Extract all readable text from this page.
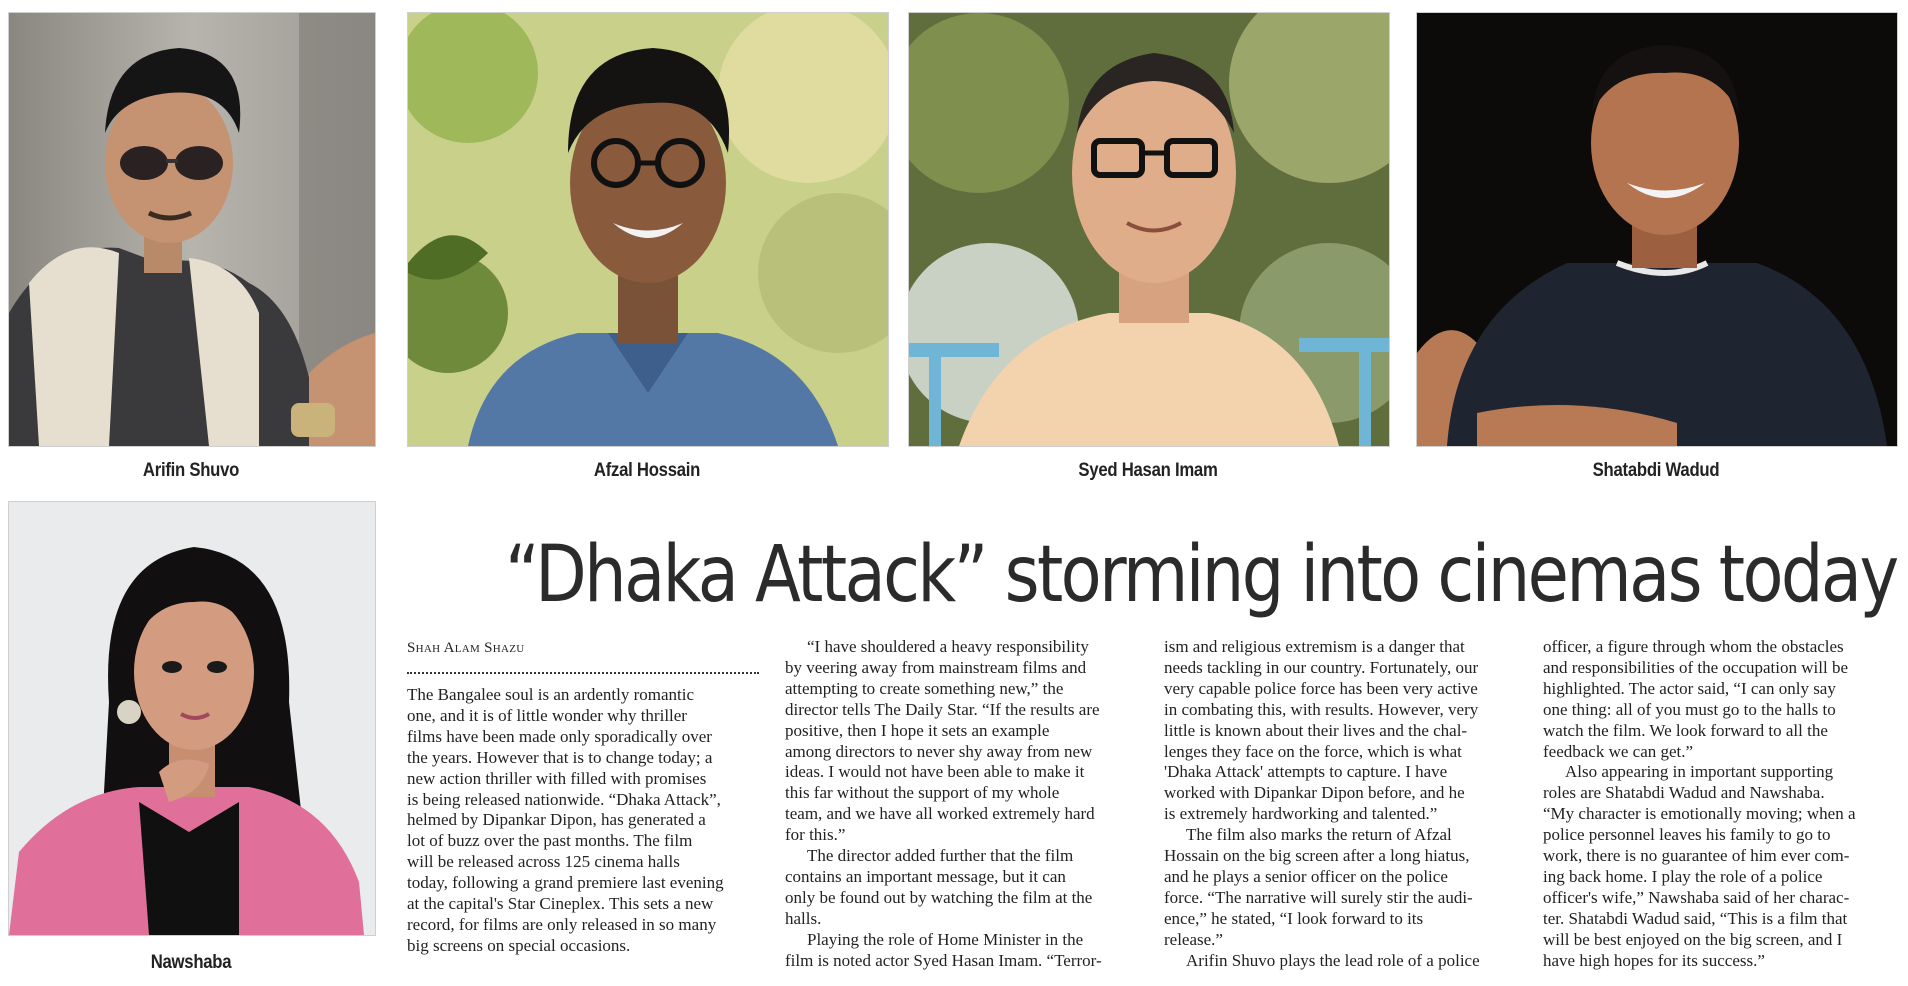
Arifin Shuvo	Afzal Hossain	Syed Hasan Imam	Shatabdi Wadud
Nawshaba
“Dhaka Attack” storming into cinemas today
Shah Alam Shazu

The Bangalee soul is an ardently romantic

one, and it is of little wonder why thriller

films have been made only sporadically over

the years. However that is to change today; a

new action thriller with filled with promises

is being released nationwide. “Dhaka Attack”,

helmed by Dipankar Dipon, has generated a

lot of buzz over the past months. The film

will be released across 125 cinema halls

today, following a grand premiere last evening

at the capital's Star Cineplex. This sets a new

record, for films are only released in so many

big screens on special occasions.

“I have shouldered a heavy responsibility

by veering away from mainstream films and

attempting to create something new,” the

director tells The Daily Star. “If the results are

positive, then I hope it sets an example

among directors to never shy away from new

ideas. I would not have been able to make it

this far without the support of my whole

team, and we have all worked extremely hard

for this.”

The director added further that the film

contains an important message, but it can

only be found out by watching the film at the

halls.

Playing the role of Home Minister in the

film is noted actor Syed Hasan Imam. “Terror-

ism and religious extremism is a danger that

needs tackling in our country. Fortunately, our

very capable police force has been very active

in combating this, with results. However, very

little is known about their lives and the chal-

lenges they face on the force, which is what

'Dhaka Attack' attempts to capture. I have

worked with Dipankar Dipon before, and he

is extremely hardworking and talented.”

The film also marks the return of Afzal

Hossain on the big screen after a long hiatus,

and he plays a senior officer on the police

force. “The narrative will surely stir the audi-

ence,” he stated, “I look forward to its

release.”

Arifin Shuvo plays the lead role of a police

officer, a figure through whom the obstacles

and responsibilities of the occupation will be

highlighted. The actor said, “I can only say

one thing: all of you must go to the halls to

watch the film. We look forward to all the

feedback we can get.”

Also appearing in important supporting

roles are Shatabdi Wadud and Nawshaba.

“My character is emotionally moving; when a

police personnel leaves his family to go to

work, there is no guarantee of him ever com-

ing back home. I play the role of a police

officer's wife,” Nawshaba said of her charac-

ter. Shatabdi Wadud said, “This is a film that

will be best enjoyed on the big screen, and I

have high hopes for its success.”
